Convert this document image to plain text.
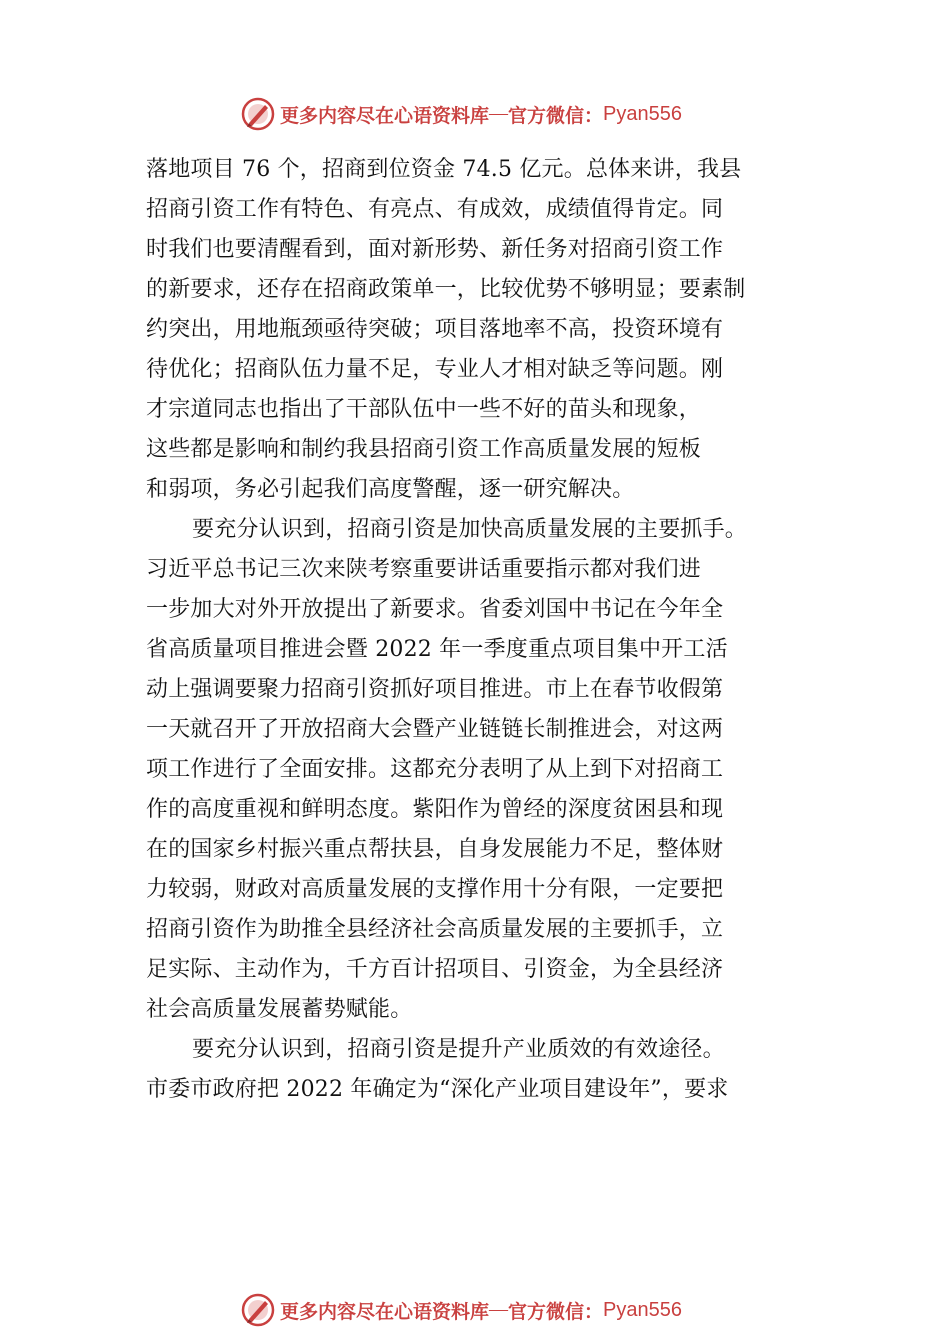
更多内容尽在心语资料库 — 官方微信： Pyan556
落地项目 76 个，招商到位资金 74.5 亿元。总体来讲，我县
招商引资工作有特色、有亮点、有成效，成绩值得肯定。同
时我们也要清醒看到，面对新形势、新任务对招商引资工作
的新要求，还存在招商政策单一，比较优势不够明显；要素制
约突出，用地瓶颈亟待突破；项目落地率不高，投资环境有
待优化；招商队伍力量不足，专业人才相对缺乏等问题。刚
才宗道同志也指出了干部队伍中一些不好的苗头和现象，
这些都是影响和制约我县招商引资工作高质量发展的短板
和弱项，务必引起我们高度警醒，逐一研究解决。
要充分认识到，招商引资是加快高质量发展的主要抓手。
习近平总书记三次来陕考察重要讲话重要指示都对我们进
一步加大对外开放提出了新要求。省委刘国中书记在今年全
省高质量项目推进会暨 2022 年一季度重点项目集中开工活
动上强调要聚力招商引资抓好项目推进。市上在春节收假第
一天就召开了开放招商大会暨产业链链长制推进会，对这两
项工作进行了全面安排。这都充分表明了从上到下对招商工
作的高度重视和鲜明态度。紫阳作为曾经的深度贫困县和现
在的国家乡村振兴重点帮扶县，自身发展能力不足，整体财
力较弱，财政对高质量发展的支撑作用十分有限，一定要把
招商引资作为助推全县经济社会高质量发展的主要抓手，立
足实际、主动作为，千方百计招项目、引资金，为全县经济
社会高质量发展蓄势赋能。
要充分认识到，招商引资是提升产业质效的有效途径。
市委市政府把 2022 年确定为“深化产业项目建设年”，要求
更多内容尽在心语资料库 — 官方微信： Pyan556
